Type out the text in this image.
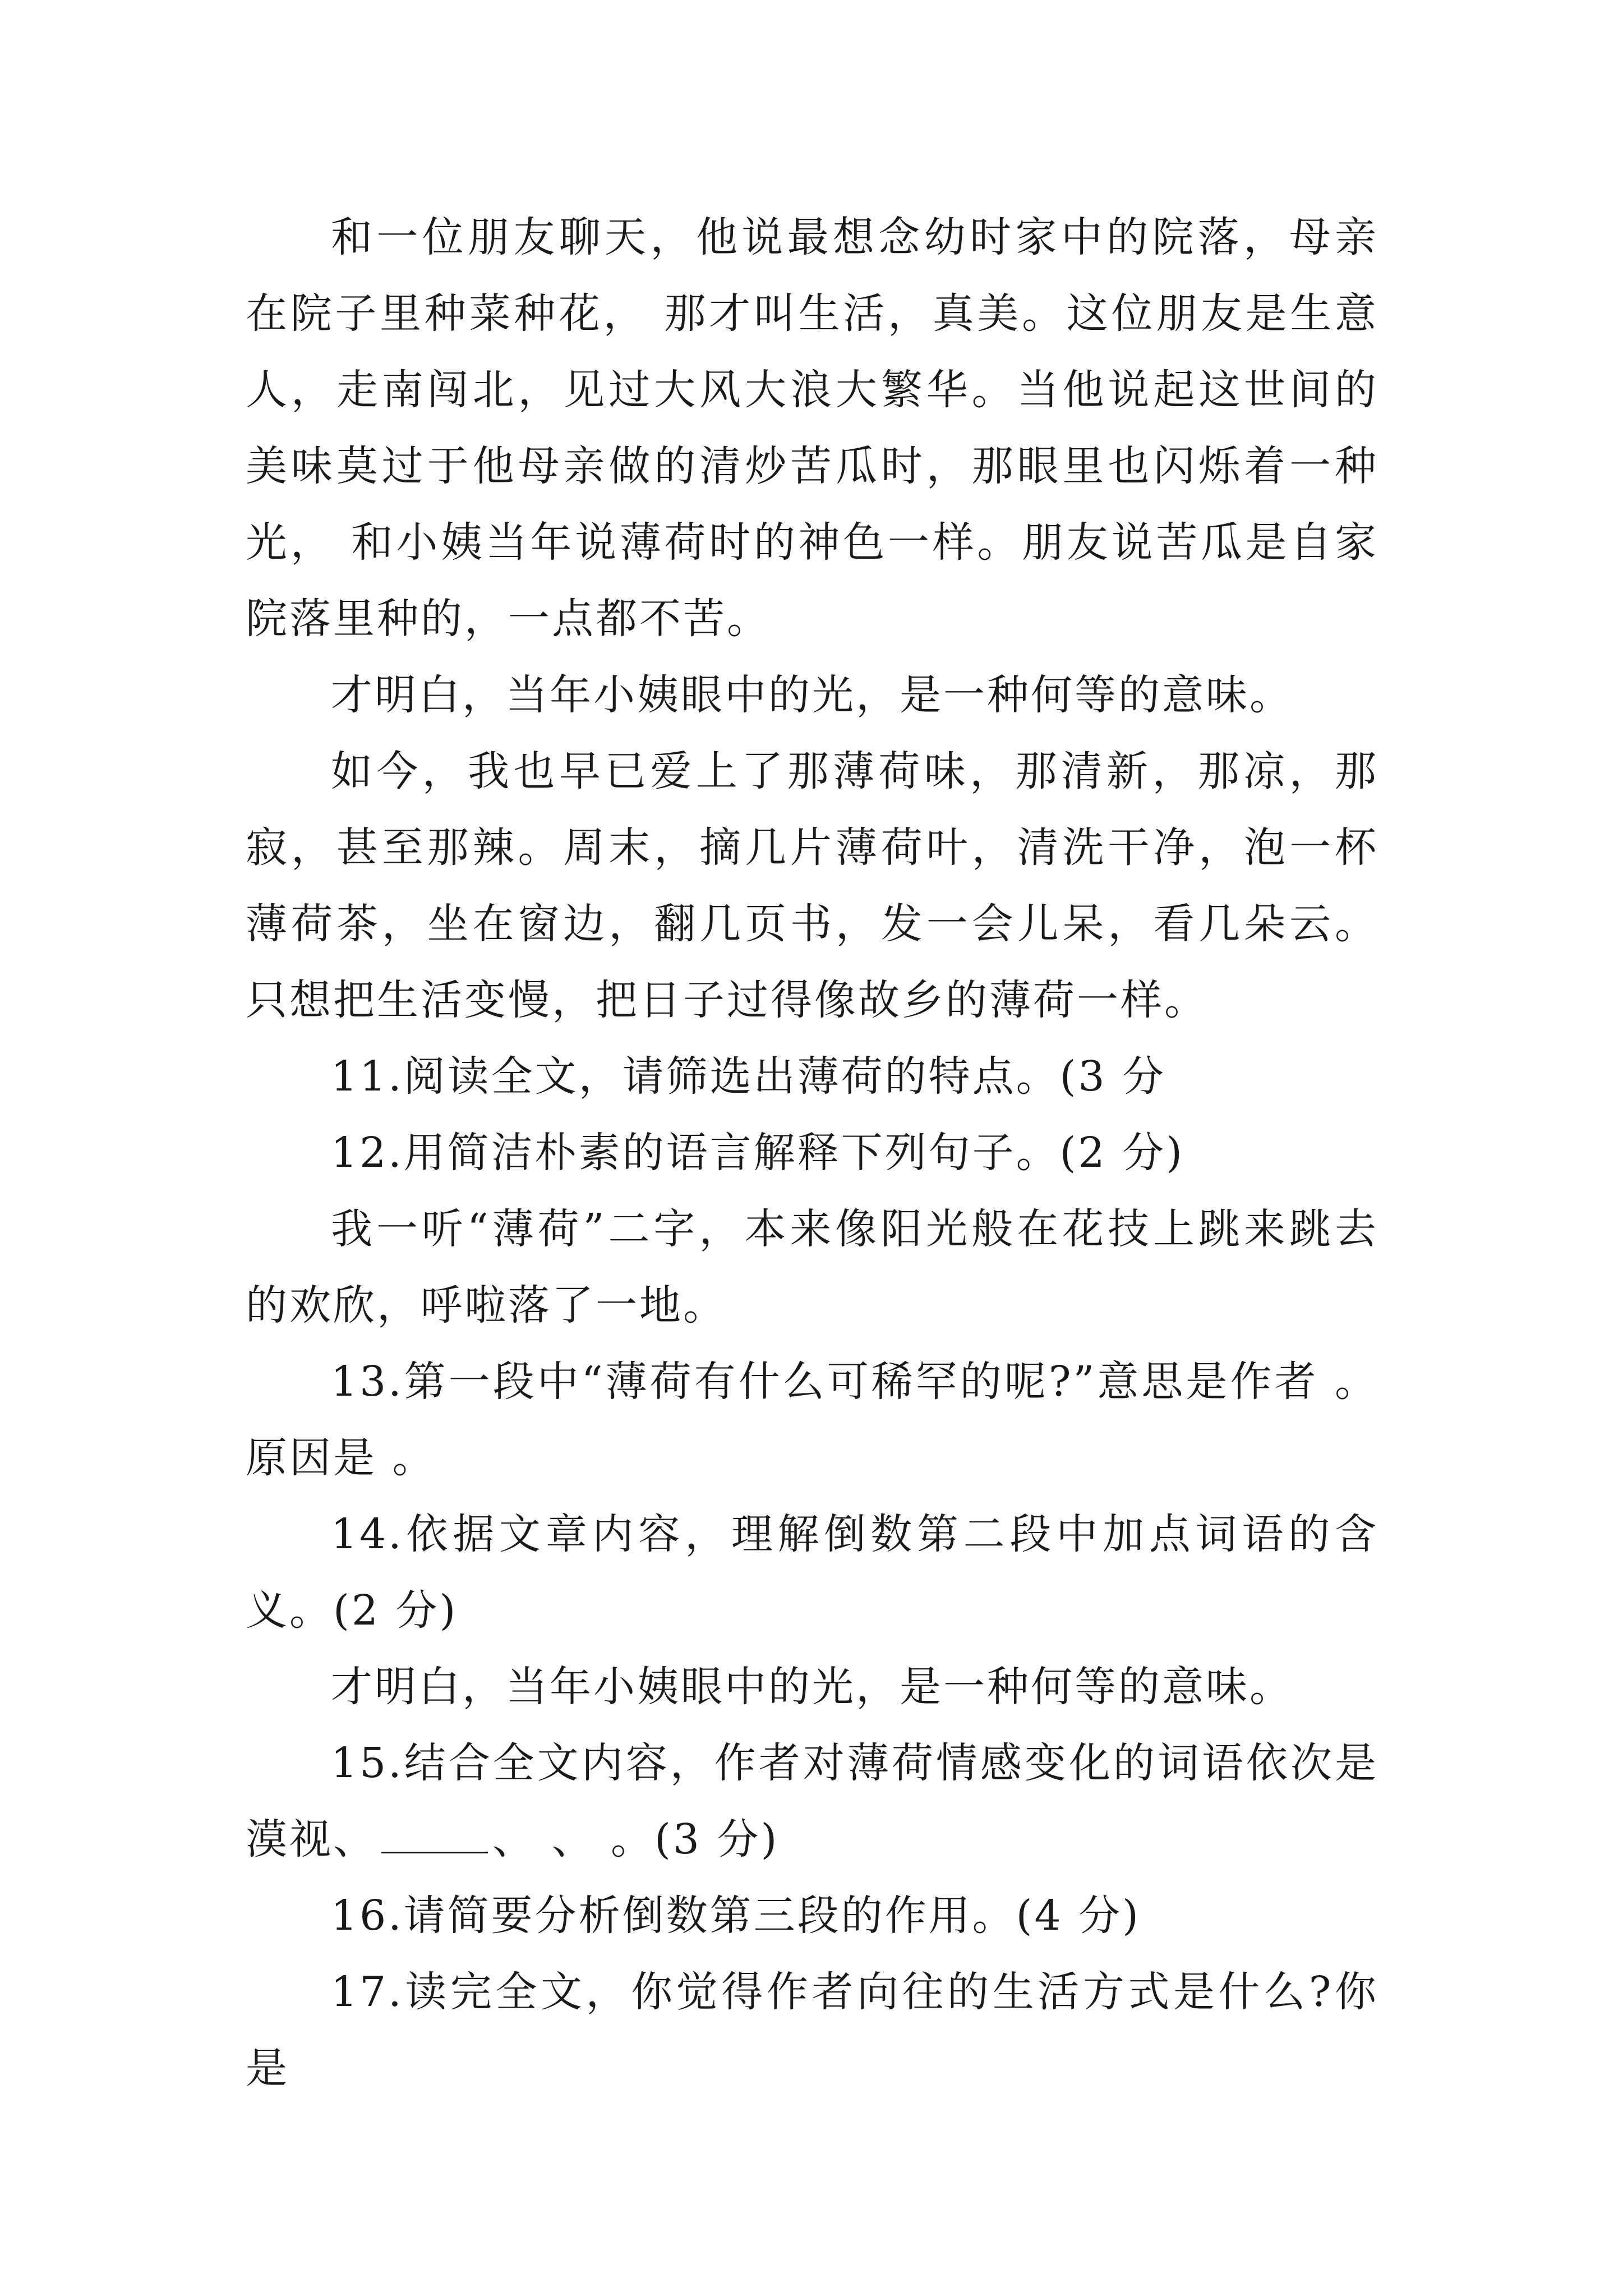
和一位朋友聊天，他说最想念幼时家中的院落，母亲在院子里种菜种花， 那才叫生活，真美。这位朋友是生意人，走南闯北，见过大风大浪大繁华。当他说起这世间的美味莫过于他母亲做的清炒苦瓜时，那眼里也闪烁着一种光， 和小姨当年说薄荷时的神色一样。朋友说苦瓜是自家院落里种的，一点都不苦。

才明白，当年小姨眼中的光，是一种何等的意味。

如今，我也早已爱上了那薄荷味，那清新，那凉，那寂，甚至那辣。周末，摘几片薄荷叶，清洗干净，泡一杯薄荷茶，坐在窗边，翻几页书，发一会儿呆，看几朵云。只想把生活变慢，把日子过得像故乡的薄荷一样。

11.阅读全文，请筛选出薄荷的特点。(3 分

12.用简洁朴素的语言解释下列句子。(2 分)

我一听“薄荷”二字，本来像阳光般在花技上跳来跳去的欢欣，呼啦落了一地。

13.第一段中“薄荷有什么可稀罕的呢?”意思是作者 。原因是 。

14.依据文章内容，理解倒数第二段中加点词语的含义。(2 分)

才明白，当年小姨眼中的光，是一种何等的意味。

15.结合全文内容，作者对薄荷情感变化的词语依次是漠视、	、 、 。(3 分)

16.请简要分析倒数第三段的作用。(4 分)

17.读完全文，你觉得作者向往的生活方式是什么?你是
